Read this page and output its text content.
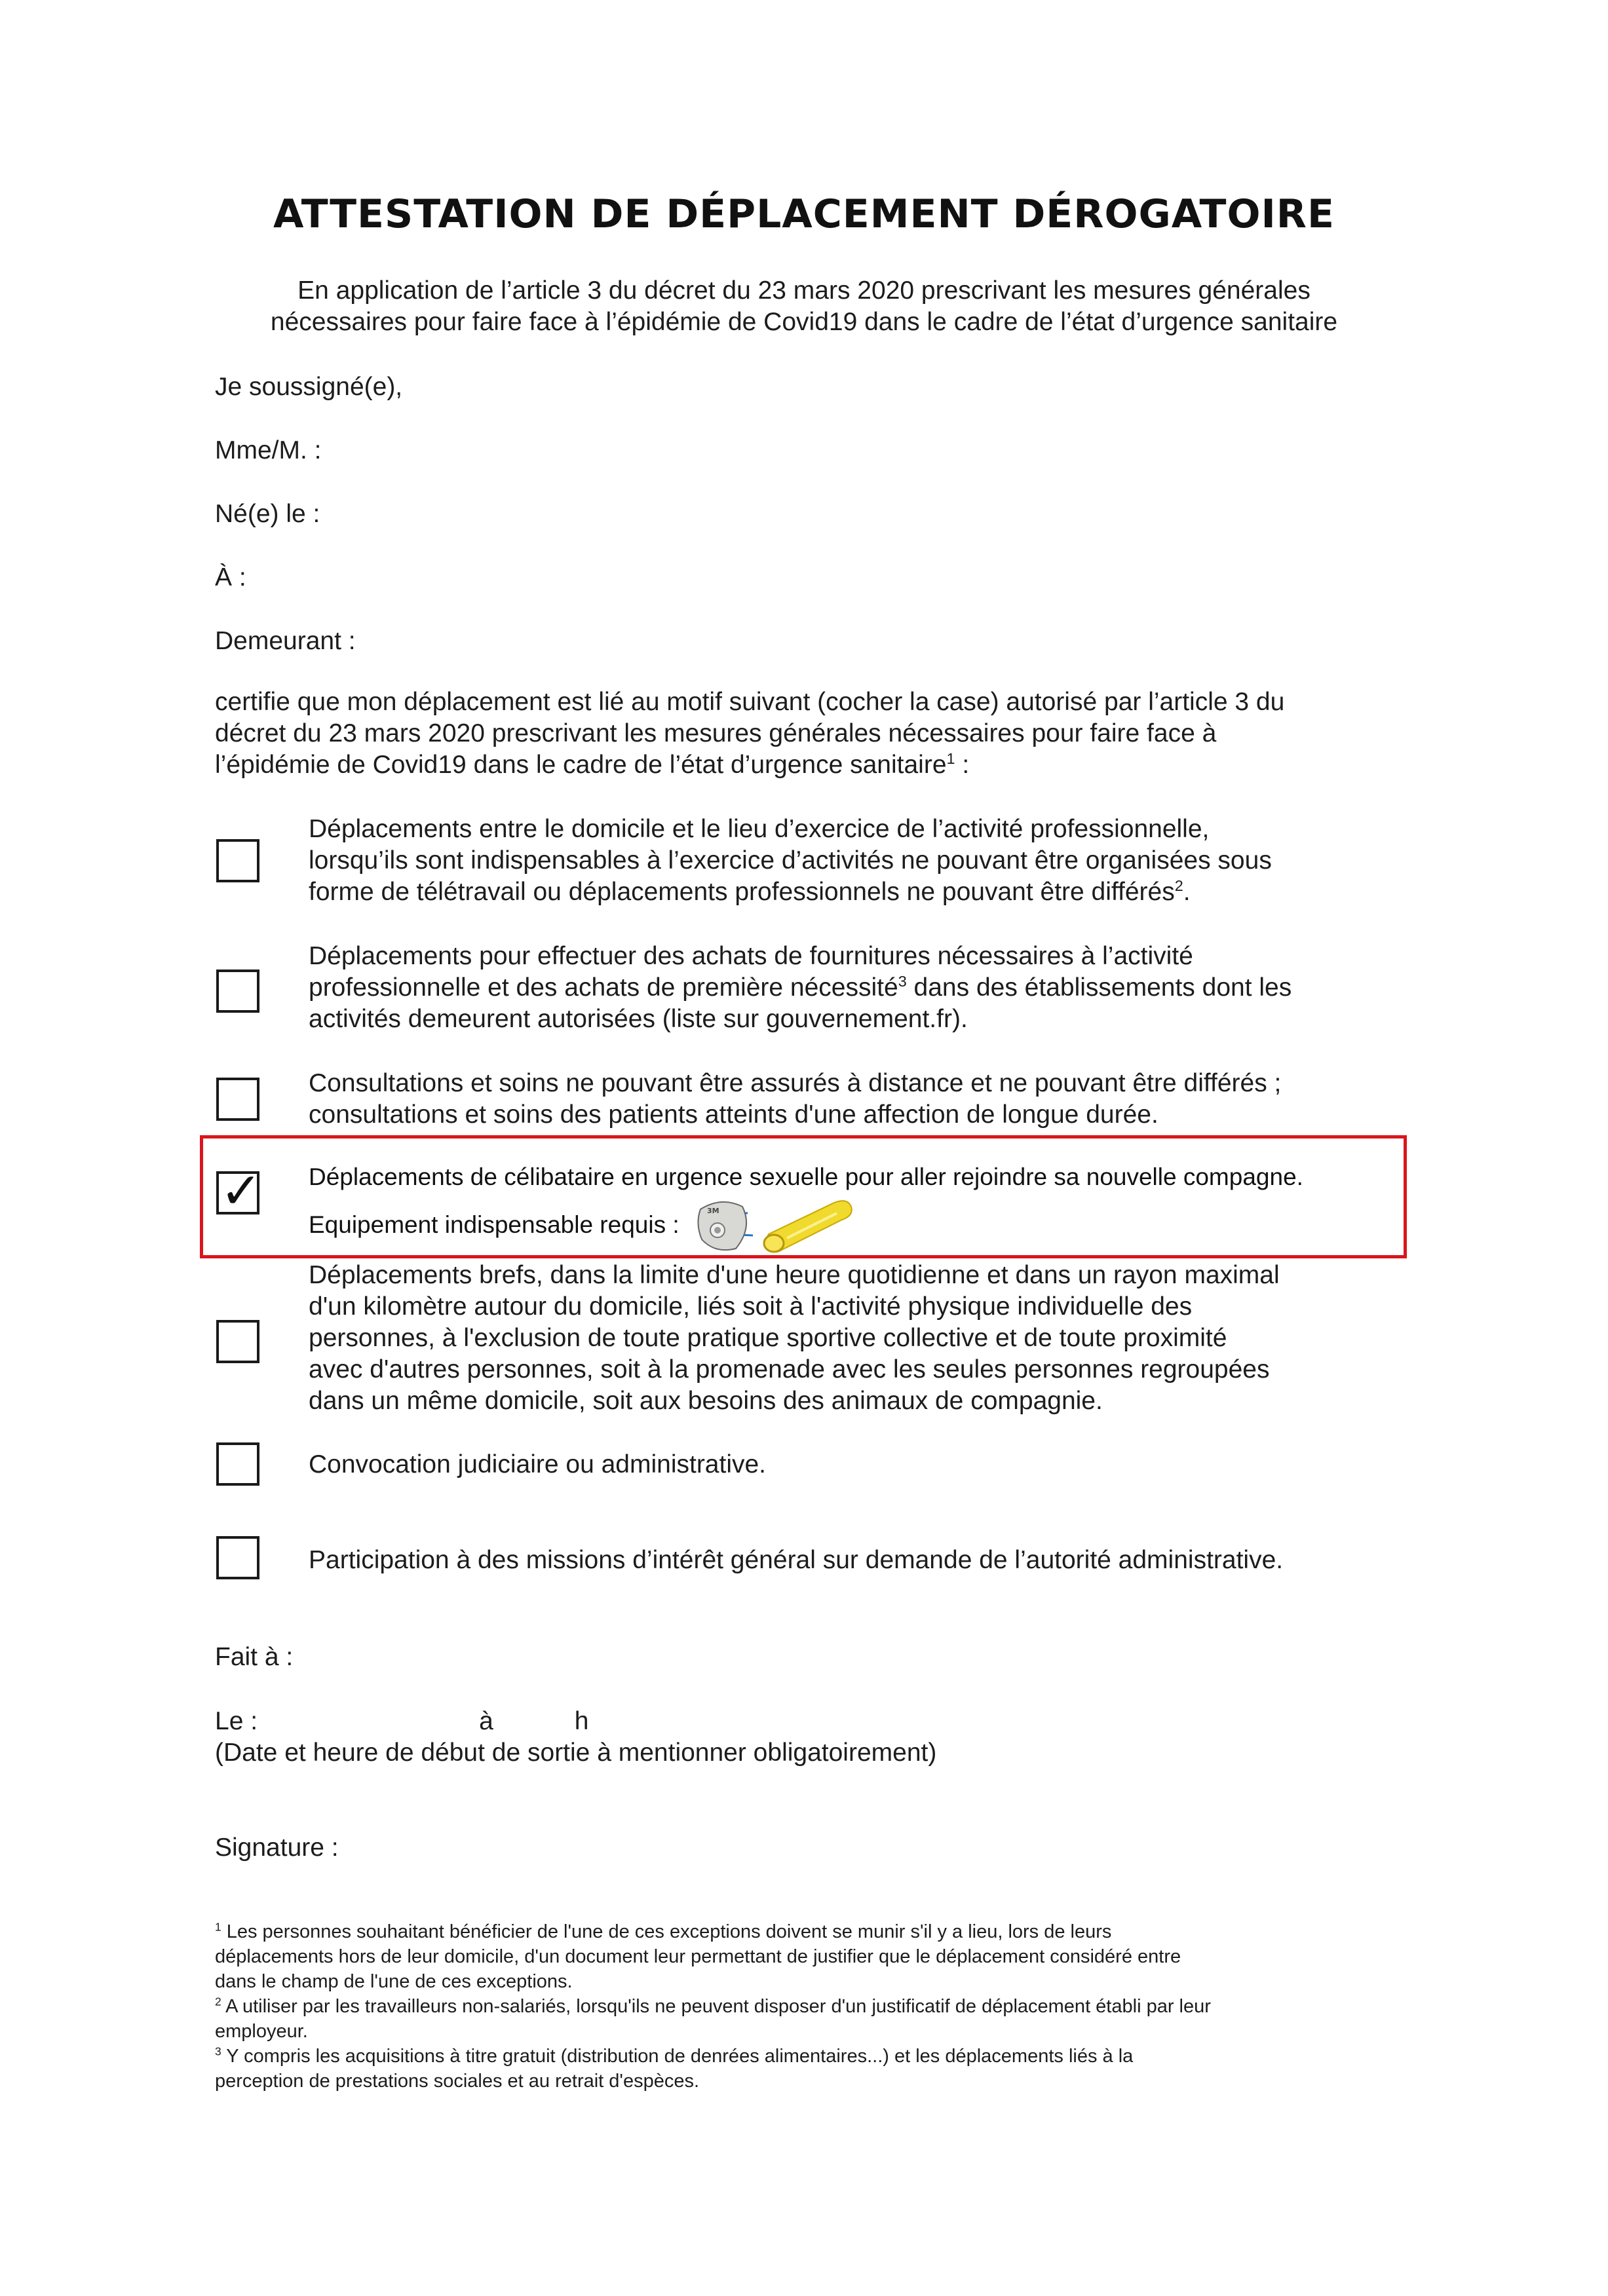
ATTESTATION DE DÉPLACEMENT DÉROGATOIRE
En application de l’article 3 du décret du 23 mars 2020 prescrivant les mesures générales
nécessaires pour faire face à l’épidémie de Covid19 dans le cadre de l’état d’urgence sanitaire
Je soussigné(e),
Mme/M. :
Né(e) le :
À :
Demeurant :
certifie que mon déplacement est lié au motif suivant (cocher la case) autorisé par l’article 3 du
décret du 23 mars 2020 prescrivant les mesures générales nécessaires pour faire face à
l’épidémie de Covid19 dans le cadre de l’état d’urgence sanitaire$^1$ :
Déplacements entre le domicile et le lieu d’exercice de l’activité professionnelle,
lorsqu’ils sont indispensables à l’exercice d’activités ne pouvant être organisées sous
forme de télétravail ou déplacements professionnels ne pouvant être différés$^2$.
Déplacements pour effectuer des achats de fournitures nécessaires à l’activité
professionnelle et des achats de première nécessité$^3$ dans des établissements dont les
activités demeurent autorisées (liste sur gouvernement.fr).
Consultations et soins ne pouvant être assurés à distance et ne pouvant être différés ;
consultations et soins des patients atteints d'une affection de longue durée.
✓ Déplacements de célibataire en urgence sexuelle pour aller rejoindre sa nouvelle compagne.
Equipement indispensable requis :
3M
Déplacements brefs, dans la limite d'une heure quotidienne et dans un rayon maximal
d'un kilomètre autour du domicile, liés soit à l'activité physique individuelle des
personnes, à l'exclusion de toute pratique sportive collective et de toute proximité
avec d'autres personnes, soit à la promenade avec les seules personnes regroupées
dans un même domicile, soit aux besoins des animaux de compagnie.
Convocation judiciaire ou administrative.
Participation à des missions d’intérêt général sur demande de l’autorité administrative.
Fait à :
Le :	à	h
(Date et heure de début de sortie à mentionner obligatoirement)
Signature :

$^1$ Les personnes souhaitant bénéficier de l'une de ces exceptions doivent se munir s'il y a lieu, lors de leurs

déplacements hors de leur domicile, d'un document leur permettant de justifier que le déplacement considéré entre

dans le champ de l'une de ces exceptions.

$^2$ A utiliser par les travailleurs non-salariés, lorsqu'ils ne peuvent disposer d'un justificatif de déplacement établi par leur

employeur.

$^3$ Y compris les acquisitions à titre gratuit (distribution de denrées alimentaires...) et les déplacements liés à la

perception de prestations sociales et au retrait d'espèces.
